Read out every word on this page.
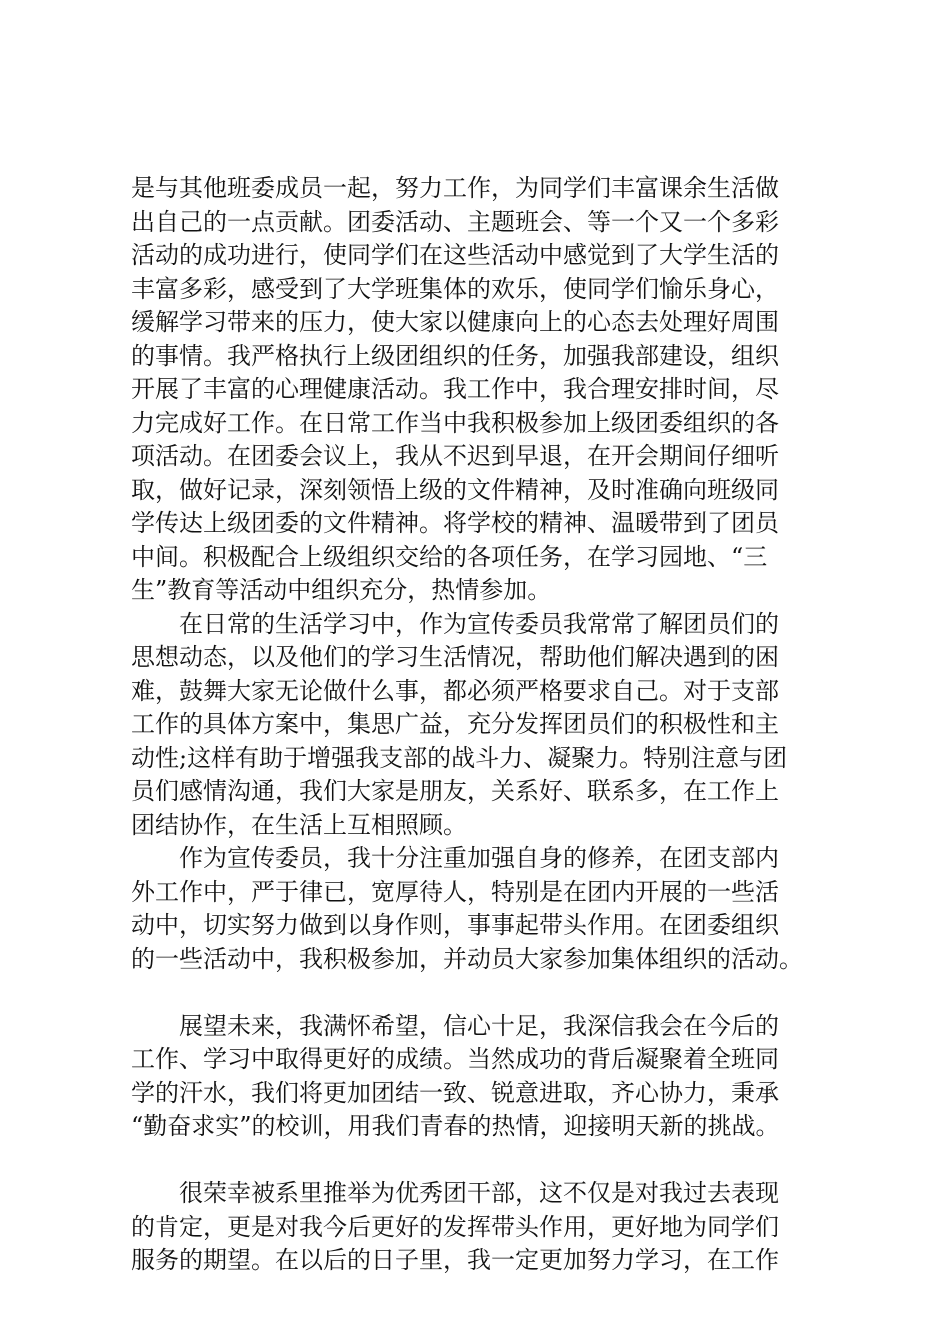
是与其他班委成员一起，努力工作，为同学们丰富课余生活做
出自己的一点贡献。团委活动、主题班会、等一个又一个多彩
活动的成功进行，使同学们在这些活动中感觉到了大学生活的
丰富多彩，感受到了大学班集体的欢乐，使同学们愉乐身心，
缓解学习带来的压力，使大家以健康向上的心态去处理好周围
的事情。我严格执行上级团组织的任务，加强我部建设，组织
开展了丰富的心理健康活动。我工作中，我合理安排时间，尽
力完成好工作。在日常工作当中我积极参加上级团委组织的各
项活动。在团委会议上，我从不迟到早退，在开会期间仔细听
取，做好记录，深刻领悟上级的文件精神，及时准确向班级同
学传达上级团委的文件精神。将学校的精神、温暖带到了团员
中间。积极配合上级组织交给的各项任务，在学习园地、“三
生”教育等活动中组织充分，热情参加。
　　在日常的生活学习中，作为宣传委员我常常了解团员们的
思想动态，以及他们的学习生活情况，帮助他们解决遇到的困
难，鼓舞大家无论做什么事，都必须严格要求自己。对于支部
工作的具体方案中，集思广益，充分发挥团员们的积极性和主
动性;这样有助于增强我支部的战斗力、凝聚力。特别注意与团
员们感情沟通，我们大家是朋友，关系好、联系多，在工作上
团结协作，在生活上互相照顾。
　　作为宣传委员，我十分注重加强自身的修养，在团支部内
外工作中，严于律已，宽厚待人，特别是在团内开展的一些活
动中，切实努力做到以身作则，事事起带头作用。在团委组织
的一些活动中，我积极参加，并动员大家参加集体组织的活动。
　　展望未来，我满怀希望，信心十足，我深信我会在今后的
工作、学习中取得更好的成绩。当然成功的背后凝聚着全班同
学的汗水，我们将更加团结一致、锐意进取，齐心协力，秉承
“勤奋求实”的校训，用我们青春的热情，迎接明天新的挑战。
　　很荣幸被系里推举为优秀团干部，这不仅是对我过去表现
的肯定，更是对我今后更好的发挥带头作用，更好地为同学们
服务的期望。在以后的日子里，我一定更加努力学习，在工作
